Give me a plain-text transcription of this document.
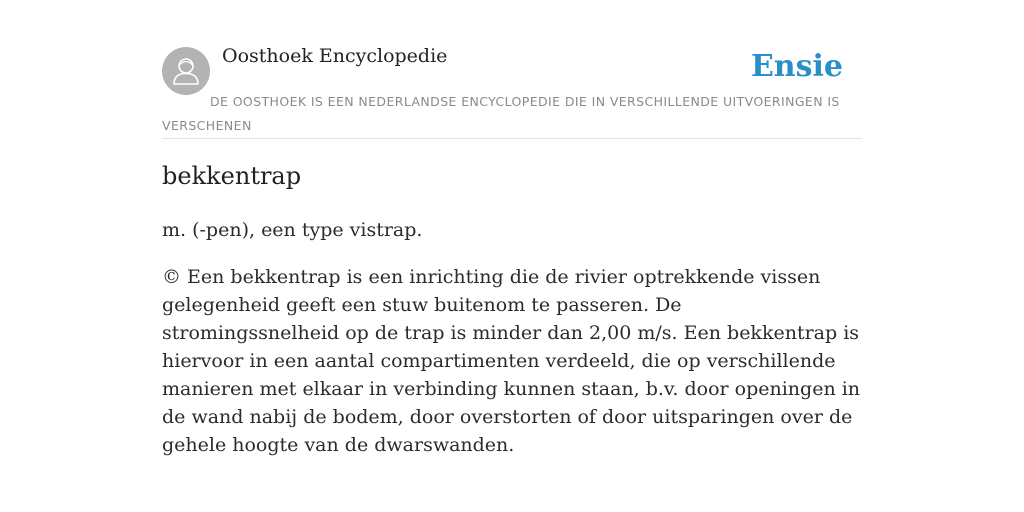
Oosthoek Encyclopedie	Ensie
DE OOSTHOEK IS EEN NEDERLANDSE ENCYCLOPEDIE DIE IN VERSCHILLENDE UITVOERINGEN IS VERSCHENEN
bekkentrap

m. (-pen), een type vistrap.

© Een bekkentrap is een inrichting die de rivier optrekkende vissen gelegenheid geeft een stuw buitenom te passeren. De stromingssnelheid op de trap is minder dan 2,00 m/s. Een bekkentrap is hiervoor in een aantal compartimenten verdeeld, die op verschillende manieren met elkaar in verbinding kunnen staan, b.v. door openingen in de wand nabij de bodem, door overstorten of door uitsparingen over de gehele hoogte van de dwarswanden.
